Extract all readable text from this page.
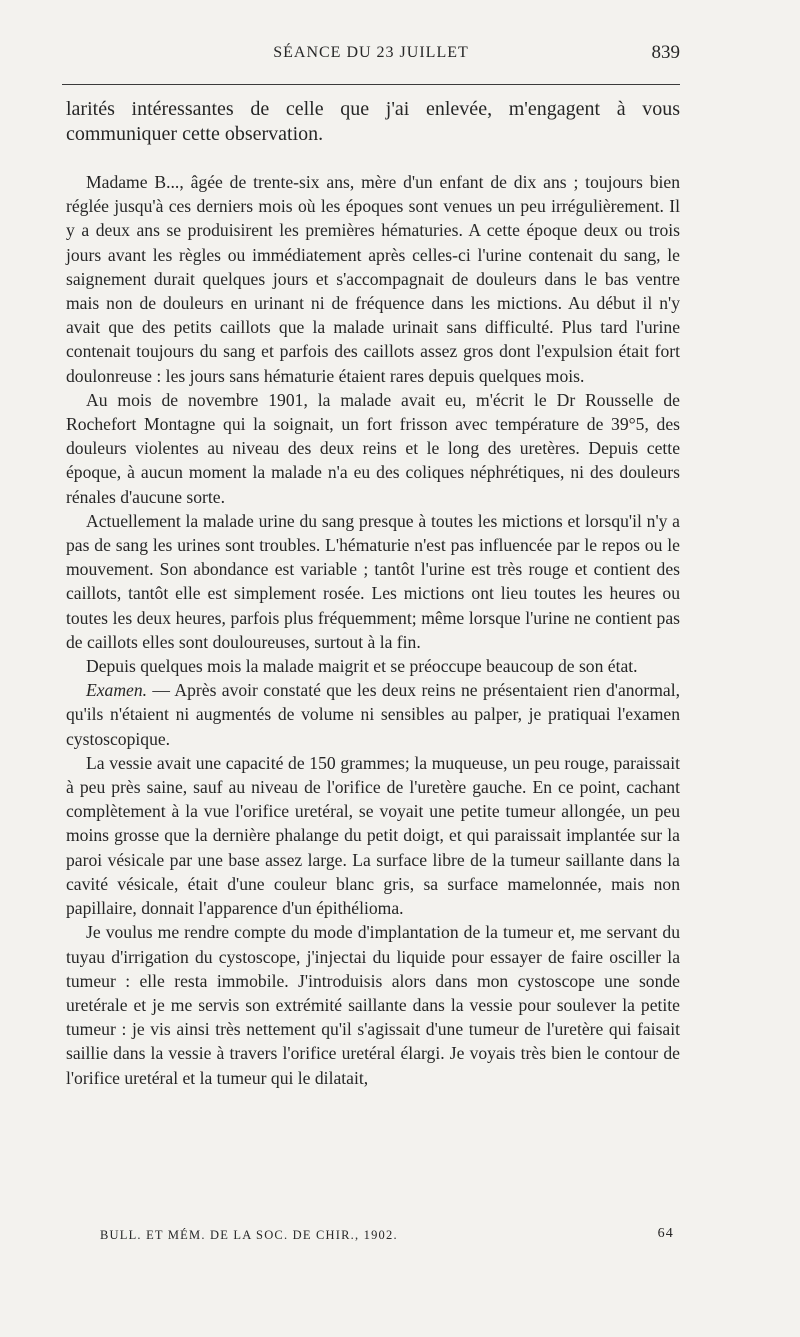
SÉANCE DU 23 JUILLET	839

larités intéressantes de celle que j'ai enlevée, m'engagent à vous communiquer cette observation.

Madame B..., âgée de trente-six ans, mère d'un enfant de dix ans ; toujours bien réglée jusqu'à ces derniers mois où les époques sont venues un peu irrégulièrement. Il y a deux ans se produisirent les premières hématuries. A cette époque deux ou trois jours avant les règles ou immédiatement après celles-ci l'urine contenait du sang, le saignement durait quelques jours et s'accompagnait de douleurs dans le bas ventre mais non de douleurs en urinant ni de fréquence dans les mictions. Au début il n'y avait que des petits caillots que la malade urinait sans difficulté. Plus tard l'urine contenait toujours du sang et parfois des caillots assez gros dont l'expulsion était fort doulonreuse : les jours sans hématurie étaient rares depuis quelques mois.

Au mois de novembre 1901, la malade avait eu, m'écrit le Dr Rousselle de Rochefort Montagne qui la soignait, un fort frisson avec température de 39°5, des douleurs violentes au niveau des deux reins et le long des uretères. Depuis cette époque, à aucun moment la malade n'a eu des coliques néphrétiques, ni des douleurs rénales d'aucune sorte.

Actuellement la malade urine du sang presque à toutes les mictions et lorsqu'il n'y a pas de sang les urines sont troubles. L'hématurie n'est pas influencée par le repos ou le mouvement. Son abondance est variable ; tantôt l'urine est très rouge et contient des caillots, tantôt elle est simplement rosée. Les mictions ont lieu toutes les heures ou toutes les deux heures, parfois plus fréquemment; même lorsque l'urine ne contient pas de caillots elles sont douloureuses, surtout à la fin.

Depuis quelques mois la malade maigrit et se préoccupe beaucoup de son état.

Examen. — Après avoir constaté que les deux reins ne présentaient rien d'anormal, qu'ils n'étaient ni augmentés de volume ni sensibles au palper, je pratiquai l'examen cystoscopique.

La vessie avait une capacité de 150 grammes; la muqueuse, un peu rouge, paraissait à peu près saine, sauf au niveau de l'orifice de l'uretère gauche. En ce point, cachant complètement à la vue l'orifice uretéral, se voyait une petite tumeur allongée, un peu moins grosse que la dernière phalange du petit doigt, et qui paraissait implantée sur la paroi vésicale par une base assez large. La surface libre de la tumeur saillante dans la cavité vésicale, était d'une couleur blanc gris, sa surface mamelonnée, mais non papillaire, donnait l'apparence d'un épithélioma.

Je voulus me rendre compte du mode d'implantation de la tumeur et, me servant du tuyau d'irrigation du cystoscope, j'injectai du liquide pour essayer de faire osciller la tumeur : elle resta immobile. J'introduisis alors dans mon cystoscope une sonde uretérale et je me servis son extrémité saillante dans la vessie pour soulever la petite tumeur : je vis ainsi très nettement qu'il s'agissait d'une tumeur de l'uretère qui faisait saillie dans la vessie à travers l'orifice uretéral élargi. Je voyais très bien le contour de l'orifice uretéral et la tumeur qui le dilatait,

BULL. ET MÉM. DE LA SOC. DE CHIR., 1902.	64
